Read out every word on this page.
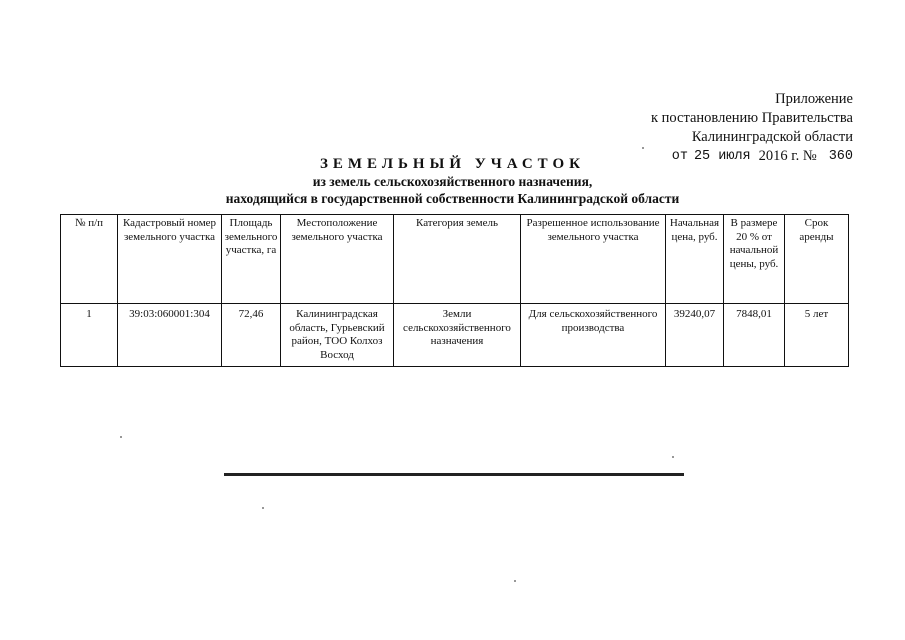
Приложение
к постановлению Правительства
Калининградской области
от 25 июля 2016 г. № 360
ЗЕМЕЛЬНЫЙ УЧАСТОК
из земель сельскохозяйственного назначения,
находящийся в государственной собственности Калининградской области
№ п/п	Кадастровый номер земельного участка	Площадь земельного участка, га	Местоположение земельного участка	Категория земель	Разрешенное использование земельного участка	Начальная цена, руб.	В размере 20 % от начальной цены, руб.	Срок аренды
1	39:03:060001:304	72,46	Калининградская область, Гурьевский район, ТОО Колхоз Восход	Земли сельскохозяйственного назначения	Для сельскохозяйственного производства	39240,07	7848,01	5 лет
